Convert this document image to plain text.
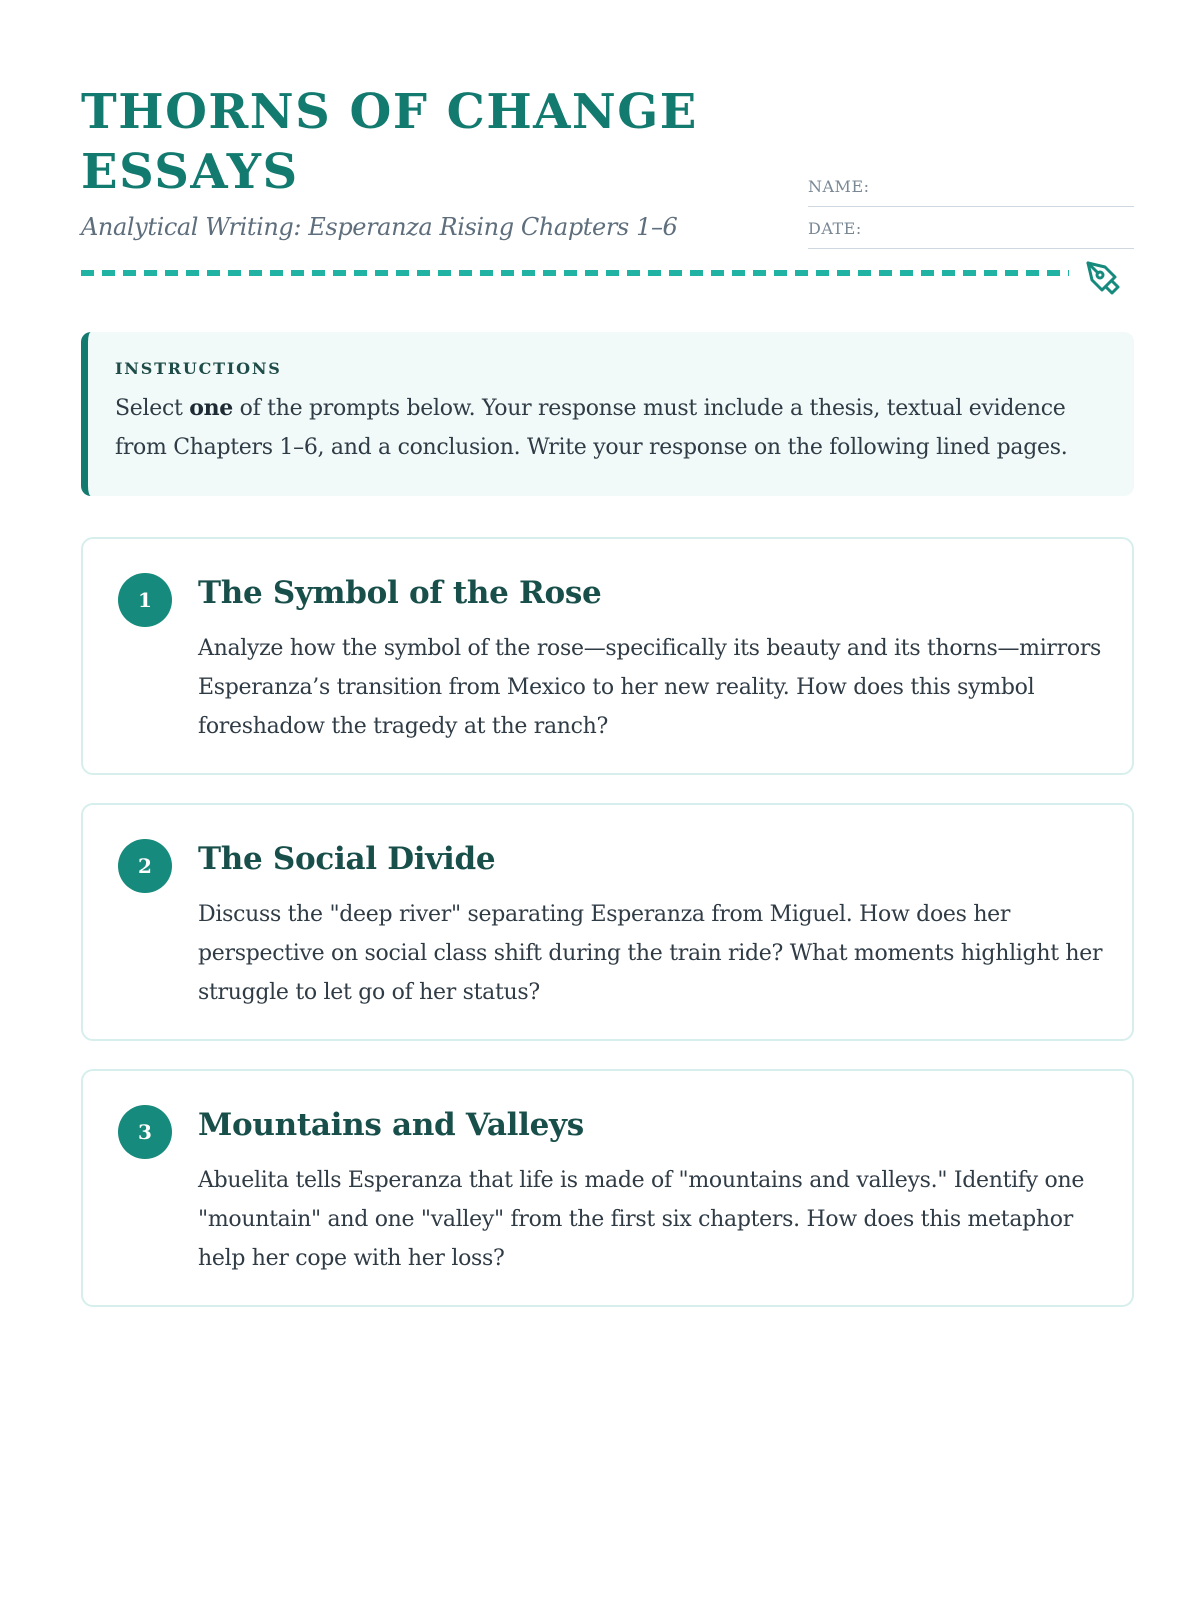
THORNS OF CHANGE ESSAYS
Analytical Writing: Esperanza Rising Chapters 1–6
NAME:
DATE:
INSTRUCTIONS
Select one of the prompts below. Your response must include a thesis, textual evidence from Chapters 1–6, and a conclusion. Write your response on the following lined pages.
1	The Symbol of the Rose

Analyze how the symbol of the rose—specifically its beauty and its thorns—mirrors Esperanza’s transition from Mexico to her new reality. How does this symbol foreshadow the tragedy at the ranch?

2	The Social Divide

Discuss the "deep river" separating Esperanza from Miguel. How does her perspective on social class shift during the train ride? What moments highlight her struggle to let go of her status?

3	Mountains and Valleys

Abuelita tells Esperanza that life is made of "mountains and valleys." Identify one "mountain" and one "valley" from the first six chapters. How does this metaphor help her cope with her loss?
